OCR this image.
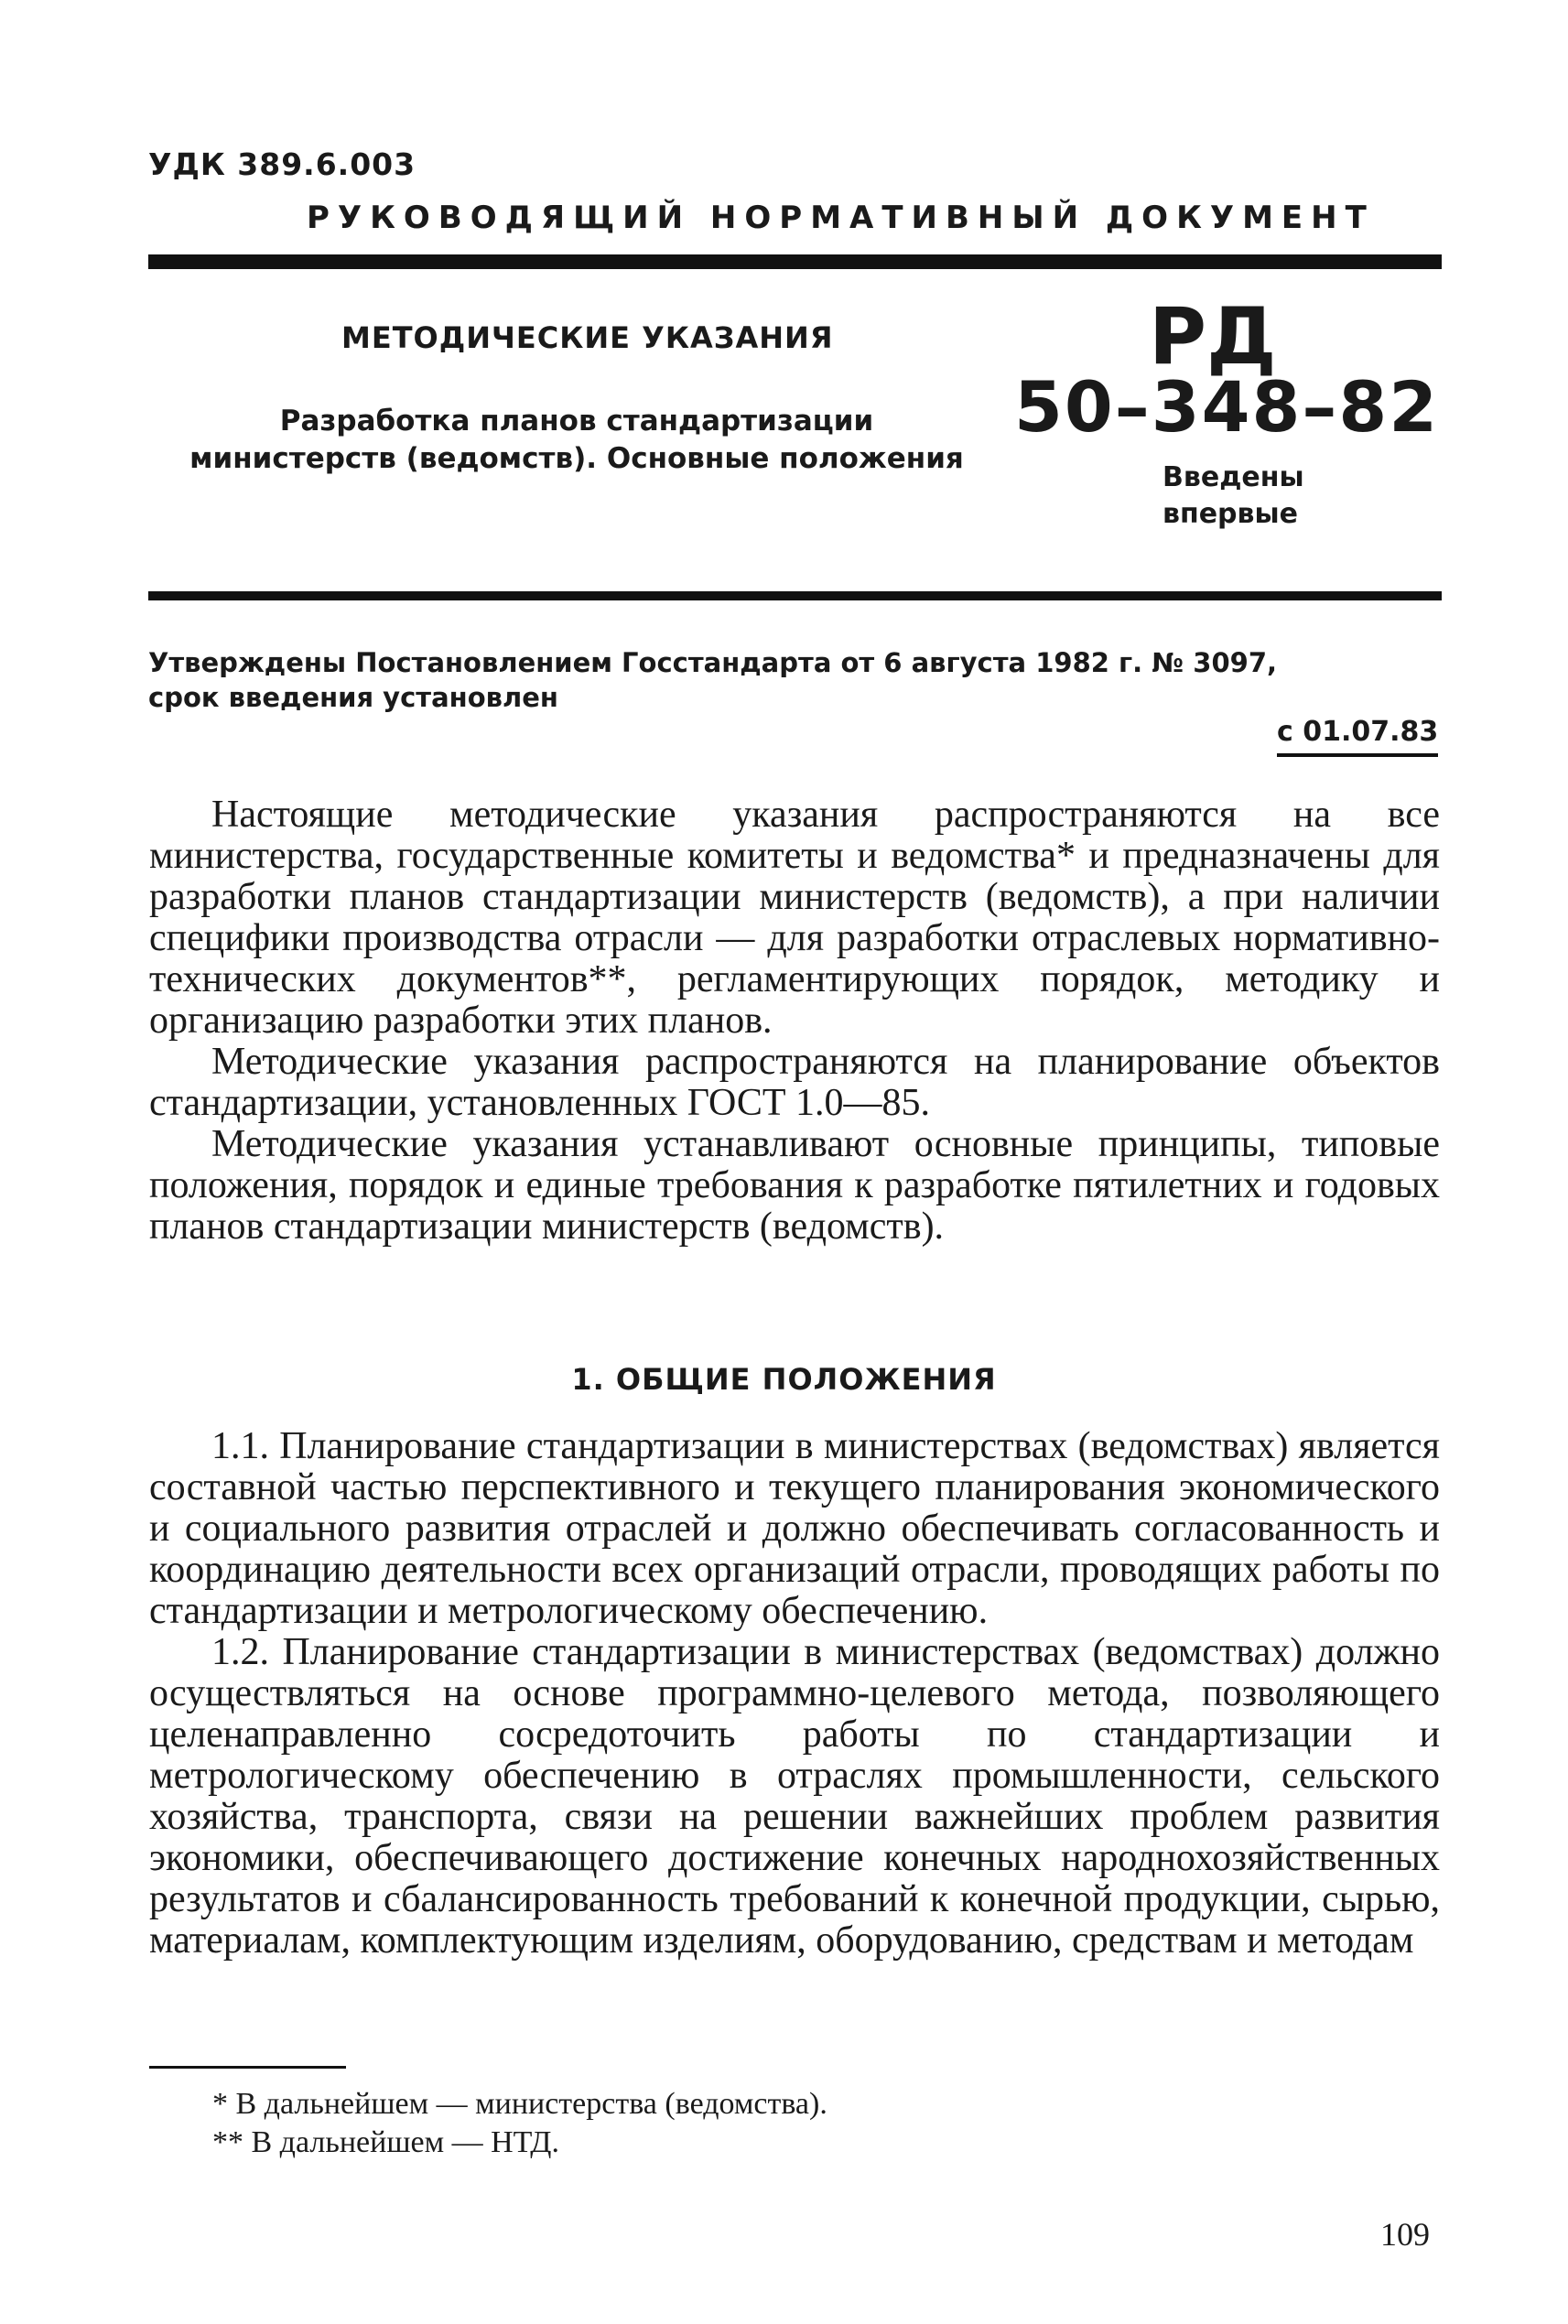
УДК 389.6.003
РУКОВОДЯЩИЙ НОРМАТИВНЫЙ ДОКУМЕНТ
МЕТОДИЧЕСКИЕ УКАЗАНИЯ
Разработка планов стандартизации
министерств (ведомств). Основные положения
РД
50–348–82
Введены
впервые
Утверждены Постановлением Госстандарта от 6 августа 1982 г. № 3097,
срок введения установлен
с 01.07.83

Настоящие методические указания распространяются на все министерства, государственные комитеты и ведомства* и предназначены для разработки планов стандартизации министерств (ведомств), а при наличии специфики производства отрасли — для разработки отраслевых нормативно-технических документов**, регламентирующих порядок, методику и организацию разработки этих планов.

Методические указания распространяются на планирование объектов стандартизации, установленных ГОСТ 1.0—85.

Методические указания устанавливают основные принципы, типовые положения, порядок и единые требования к разработке пятилетних и годовых планов стандартизации министерств (ведомств).

1. ОБЩИЕ ПОЛОЖЕНИЯ

1.1. Планирование стандартизации в министерствах (ведомствах) является составной частью перспективного и текущего планирования экономического и социального развития отраслей и должно обеспечивать согласованность и координацию деятельности всех организаций отрасли, проводящих работы по стандартизации и метрологическому обеспечению.

1.2. Планирование стандартизации в министерствах (ведомствах) должно осуществляться на основе программно-целевого метода, позволяющего целенаправленно сосредоточить работы по стандартизации и метрологическому обеспечению в отраслях промышленности, сельского хозяйства, транспорта, связи на решении важнейших проблем развития экономики, обеспечивающего достижение конечных народнохозяйственных результатов и сбалансированность требований к конечной продукции, сырью, материалам, комплектующим изделиям, оборудованию, средствам и методам

* В дальнейшем — министерства (ведомства).
** В дальнейшем — НТД.
109
